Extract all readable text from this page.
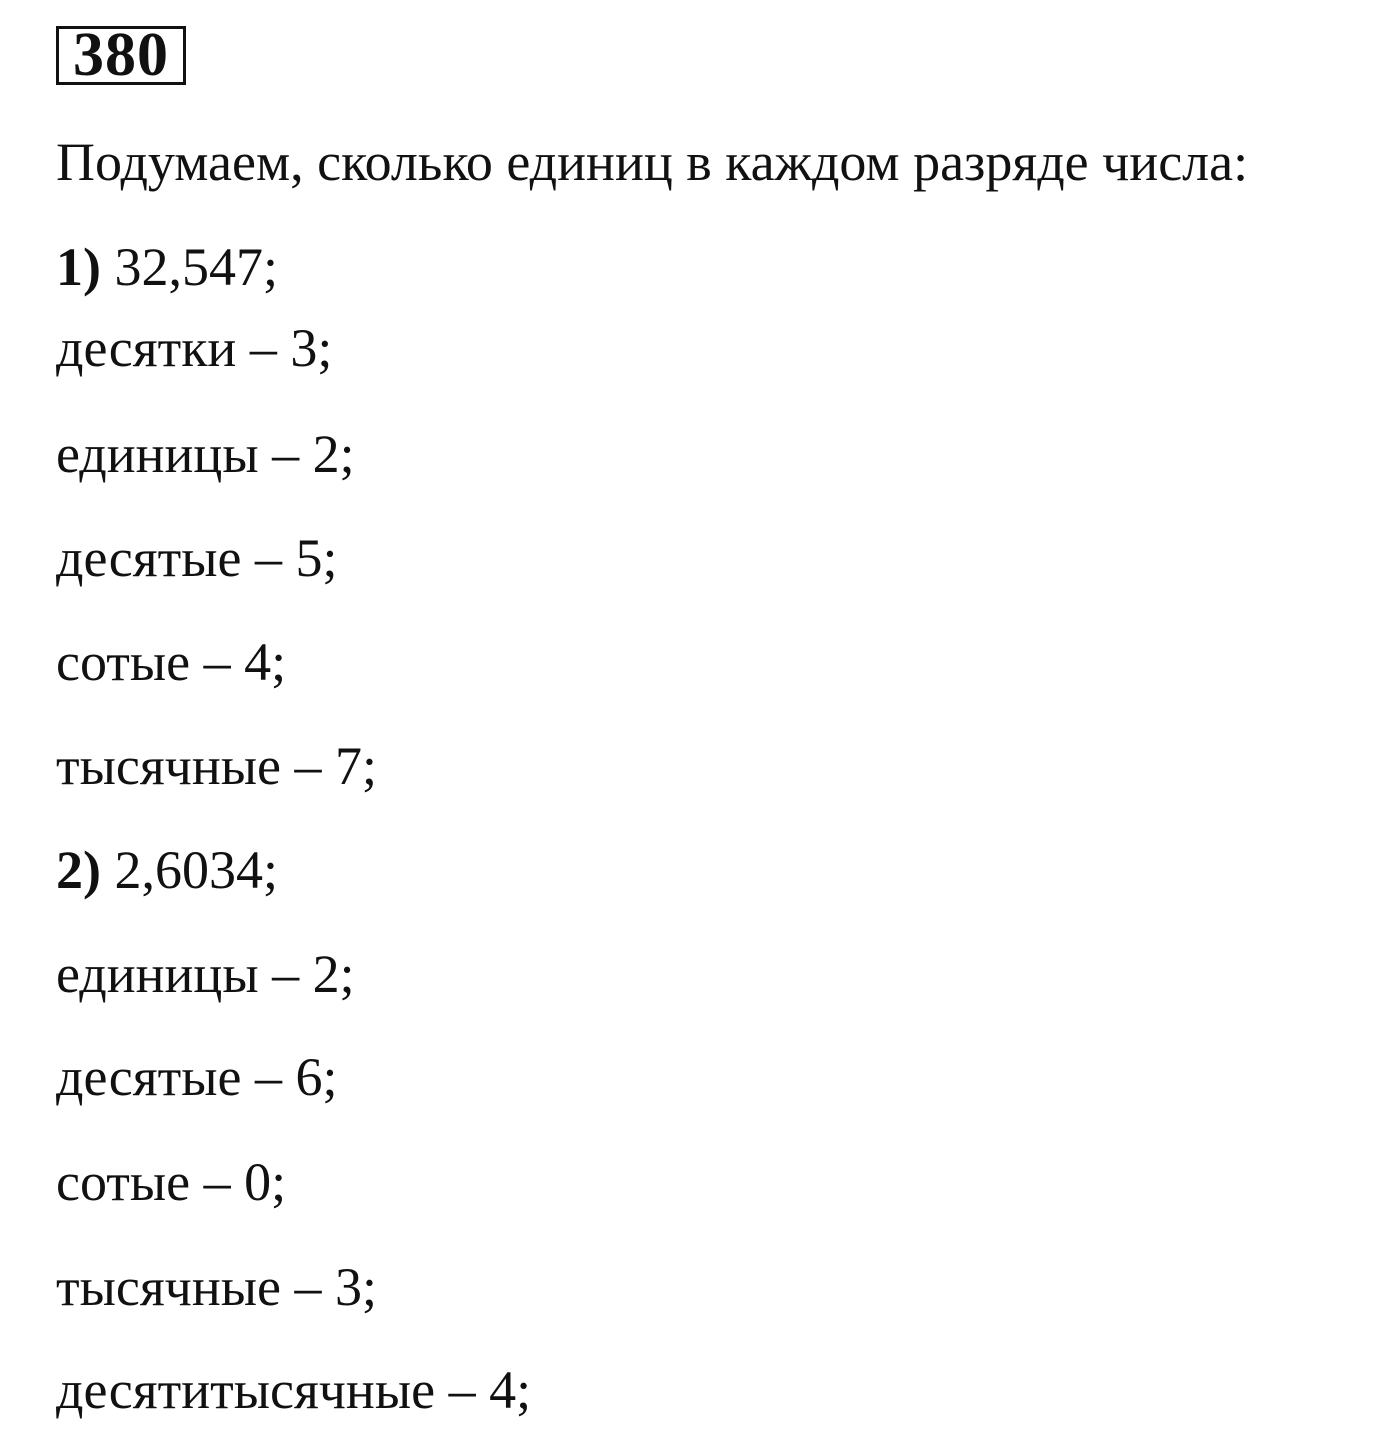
380
Подумаем, сколько единиц в каждом разряде числа:
1) 32,547;
десятки – 3;
единицы – 2;
десятые – 5;
сотые – 4;
тысячные – 7;
2) 2,6034;
единицы – 2;
десятые – 6;
сотые – 0;
тысячные – 3;
десятитысячные – 4;
